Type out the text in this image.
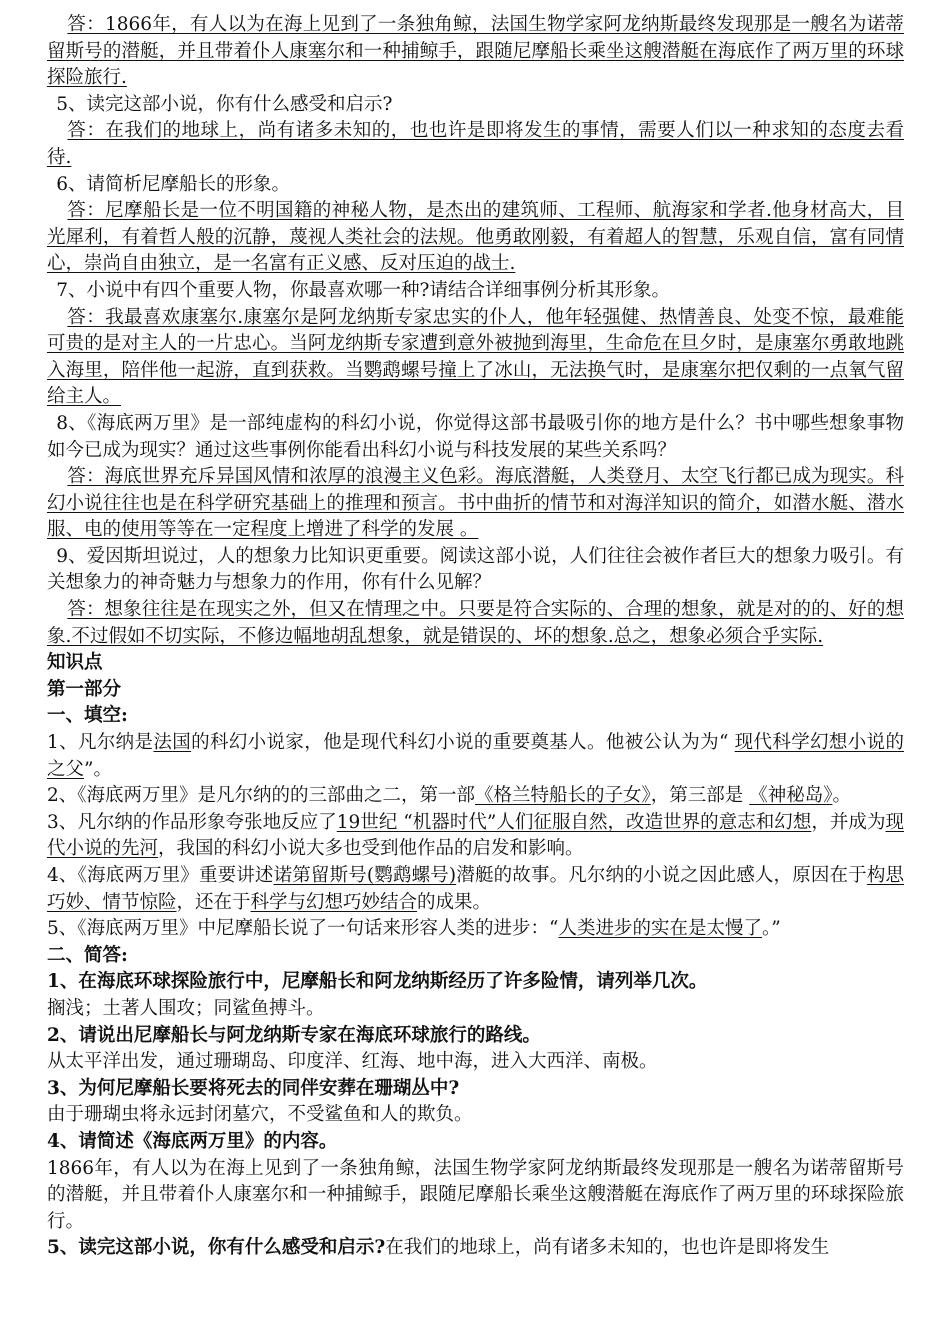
答：1866年，有人以为在海上见到了一条独角鲸，法国生物学家阿龙纳斯最终发现那是一艘名为诺蒂留斯号的潜艇，并且带着仆人康塞尔和一种捕鲸手，跟随尼摩船长乘坐这艘潜艇在海底作了两万里的环球探险旅行.

5、读完这部小说，你有什么感受和启示?

答：在我们的地球上，尚有诸多未知的，也也许是即将发生的事情，需要人们以一种求知的态度去看待.

6、请简析尼摩船长的形象。

答：尼摩船长是一位不明国籍的神秘人物，是杰出的建筑师、工程师、航海家和学者.他身材高大，目光犀利，有着哲人般的沉静，蔑视人类社会的法规。他勇敢刚毅，有着超人的智慧，乐观自信，富有同情心，崇尚自由独立，是一名富有正义感、反对压迫的战士.

7、小说中有四个重要人物，你最喜欢哪一种?请结合详细事例分析其形象。

答：我最喜欢康塞尔.康塞尔是阿龙纳斯专家忠实的仆人，他年轻强健、热情善良、处变不惊，最难能可贵的是对主人的一片忠心。当阿龙纳斯专家遭到意外被抛到海里，生命危在旦夕时，是康塞尔勇敢地跳入海里，陪伴他一起游，直到获救。当鹦鹉螺号撞上了冰山，无法换气时，是康塞尔把仅剩的一点氧气留给主人。

8、《海底两万里》是一部纯虚构的科幻小说，你觉得这部书最吸引你的地方是什么？书中哪些想象事物如今已成为现实？通过这些事例你能看出科幻小说与科技发展的某些关系吗？

答：海底世界充斥异国风情和浓厚的浪漫主义色彩。海底潜艇，人类登月、太空飞行都已成为现实。科幻小说往往也是在科学研究基础上的推理和预言。书中曲折的情节和对海洋知识的简介，如潜水艇、潜水服、电的使用等等在一定程度上增进了科学的发展 。

9、爱因斯坦说过，人的想象力比知识更重要。阅读这部小说，人们往往会被作者巨大的想象力吸引。有关想象力的神奇魅力与想象力的作用，你有什么见解？

答：想象往往是在现实之外，但又在情理之中。只要是符合实际的、合理的想象，就是对的的、好的想象.不过假如不切实际，不修边幅地胡乱想象，就是错误的、坏的想象.总之，想象必须合乎实际.

知识点

第一部分

一、填空:

1、凡尔纳是法国的科幻小说家，他是现代科幻小说的重要奠基人。他被公认为为“ 现代科学幻想小说的之父”。

2、《海底两万里》是凡尔纳的的三部曲之二，第一部《格兰特船长的子女》，第三部是 《神秘岛》。

3、凡尔纳的作品形象夸张地反应了19世纪 “机器时代”人们征服自然，改造世界的意志和幻想，并成为现代小说的先河，我国的科幻小说大多也受到他作品的启发和影响。

4、《海底两万里》重要讲述诺第留斯号(鹦鹉螺号)潜艇的故事。凡尔纳的小说之因此感人，原因在于构思巧妙、情节惊险，还在于科学与幻想巧妙结合的成果。

5、《海底两万里》中尼摩船长说了一句话来形容人类的进步：“人类进步的实在是太慢了。”

二、简答:

1、在海底环球探险旅行中，尼摩船长和阿龙纳斯经历了许多险情，请列举几次。

搁浅；土著人围攻；同鲨鱼搏斗。

2、请说出尼摩船长与阿龙纳斯专家在海底环球旅行的路线。

从太平洋出发，通过珊瑚岛、印度洋、红海、地中海，进入大西洋、南极。

3、为何尼摩船长要将死去的同伴安葬在珊瑚丛中?

由于珊瑚虫将永远封闭墓穴，不受鲨鱼和人的欺负。

4、请简述《海底两万里》的内容。

1866年，有人以为在海上见到了一条独角鲸，法国生物学家阿龙纳斯最终发现那是一艘名为诺蒂留斯号的潜艇，并且带着仆人康塞尔和一种捕鲸手，跟随尼摩船长乘坐这艘潜艇在海底作了两万里的环球探险旅行。

5、读完这部小说，你有什么感受和启示?在我们的地球上，尚有诸多未知的，也也许是即将发生
